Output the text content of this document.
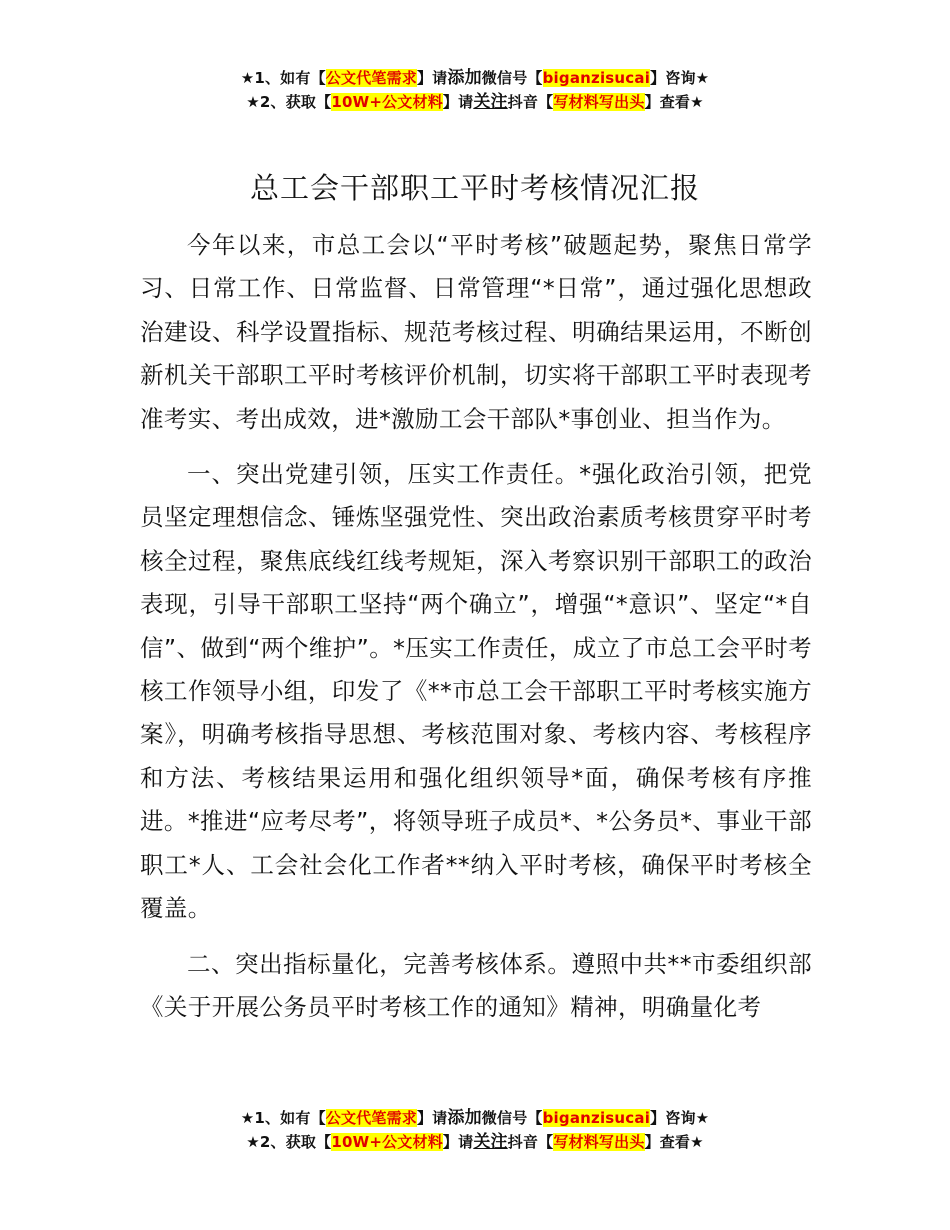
★1、如有【公文代笔需求】请添加微信号【biganzisucai】咨询★
★2、获取【10W+公文材料】请关注抖音【写材料写出头】查看★
总工会干部职工平时考核情况汇报

今年以来，市总工会以“平时考核”破题起势，聚焦日常学习、日常工作、日常监督、日常管理“*日常”，通过强化思想政治建设、科学设置指标、规范考核过程、明确结果运用，不断创新机关干部职工平时考核评价机制，切实将干部职工平时表现考准考实、考出成效，进*激励工会干部队*事创业、担当作为。

一、突出党建引领，压实工作责任。*强化政治引领，把党员坚定理想信念、锤炼坚强党性、突出政治素质考核贯穿平时考核全过程，聚焦底线红线考规矩，深入考察识别干部职工的政治表现，引导干部职工坚持“两个确立”，增强“*意识”、坚定“*自信”、做到“两个维护”。*压实工作责任，成立了市总工会平时考核工作领导小组，印发了《**市总工会干部职工平时考核实施方案》，明确考核指导思想、考核范围对象、考核内容、考核程序和方法、考核结果运用和强化组织领导*面，确保考核有序推进。*推进“应考尽考”，将领导班子成员*、*公务员*、事业干部职工*人、工会社会化工作者**纳入平时考核，确保平时考核全覆盖。

二、突出指标量化，完善考核体系。遵照中共**市委组织部《关于开展公务员平时考核工作的通知》精神，明确量化考

★1、如有【公文代笔需求】请添加微信号【biganzisucai】咨询★
★2、获取【10W+公文材料】请关注抖音【写材料写出头】查看★
